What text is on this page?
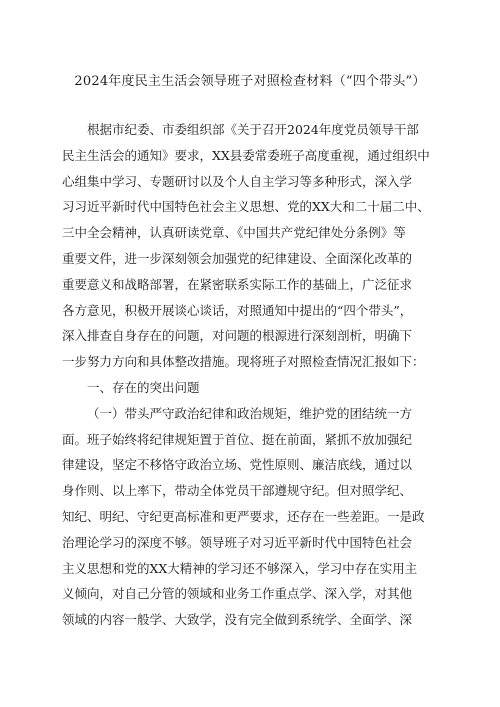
2024年度民主生活会领导班子对照检查材料（“四个带头”）

根据市纪委、市委组织部《关于召开2024年度党员领导干部
民主生活会的通知》要求，XX县委常委班子高度重视，通过组织中
心组集中学习、专题研讨以及个人自主学习等多种形式，深入学
习习近平新时代中国特色社会主义思想、党的XX大和二十届二中、
三中全会精神，认真研读党章、《中国共产党纪律处分条例》等
重要文件，进一步深刻领会加强党的纪律建设、全面深化改革的
重要意义和战略部署，在紧密联系实际工作的基础上，广泛征求
各方意见，积极开展谈心谈话，对照通知中提出的“四个带头”，
深入排查自身存在的问题，对问题的根源进行深刻剖析，明确下
一步努力方向和具体整改措施。现将班子对照检查情况汇报如下：

一、存在的突出问题

（一）带头严守政治纪律和政治规矩，维护党的团结统一方
面。班子始终将纪律规矩置于首位、挺在前面，紧抓不放加强纪
律建设，坚定不移恪守政治立场、党性原则、廉洁底线，通过以
身作则、以上率下，带动全体党员干部遵规守纪。但对照学纪、
知纪、明纪、守纪更高标准和更严要求，还存在一些差距。一是政
治理论学习的深度不够。领导班子对习近平新时代中国特色社会
主义思想和党的XX大精神的学习还不够深入，学习中存在实用主
义倾向，对自己分管的领域和业务工作重点学、深入学，对其他
领域的内容一般学、大致学，没有完全做到系统学、全面学、深
